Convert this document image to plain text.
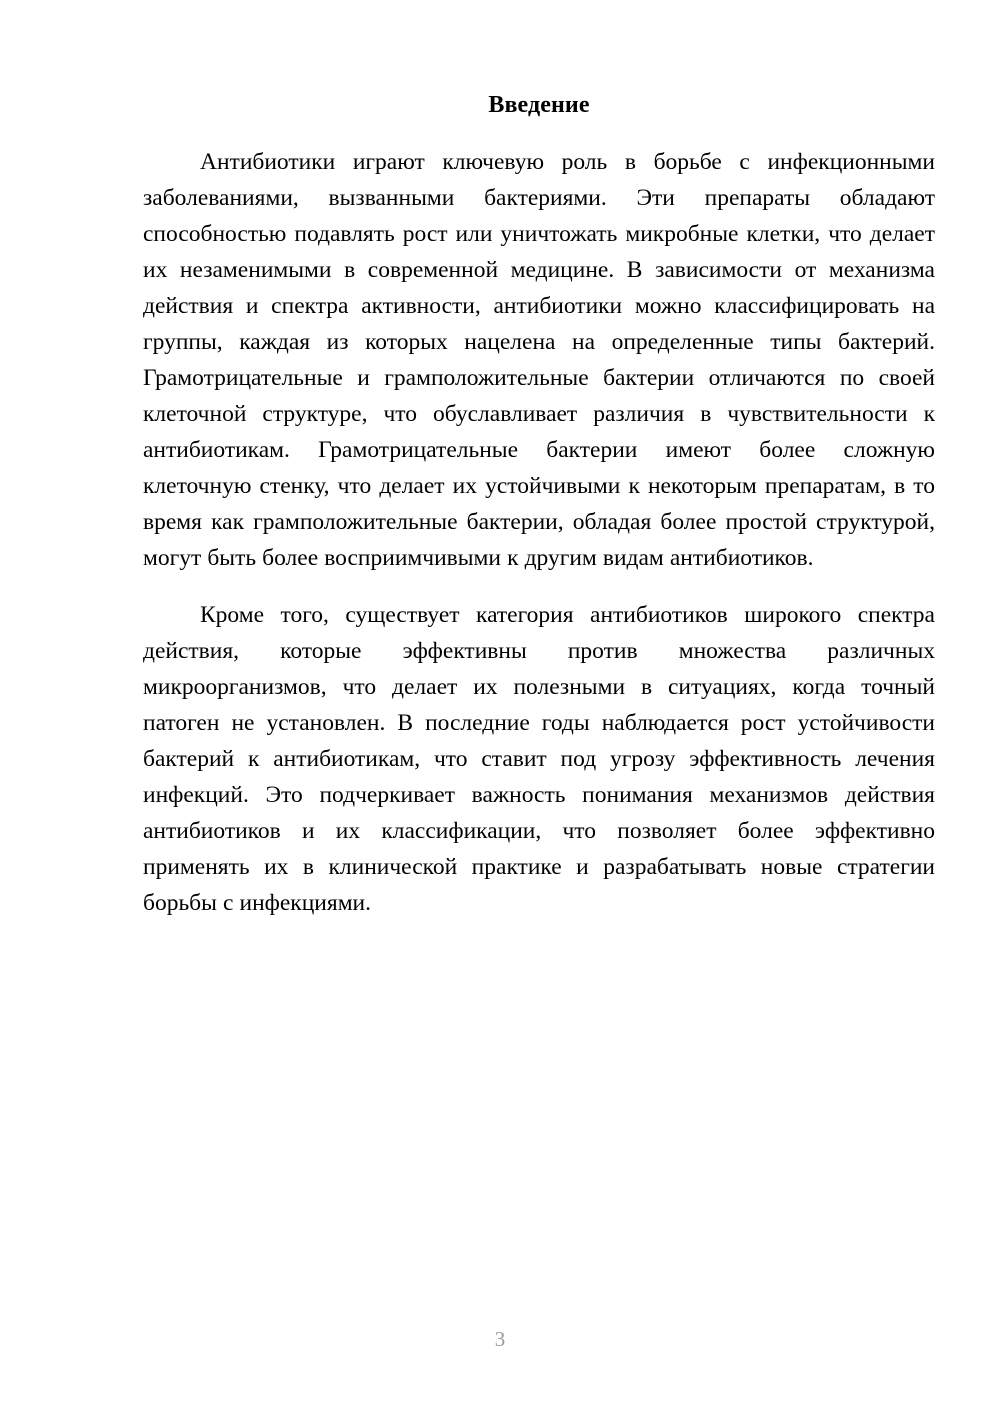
Введение

Антибиотики играют ключевую роль в борьбе с инфекционными заболеваниями, вызванными бактериями. Эти препараты обладают способностью подавлять рост или уничтожать микробные клетки, что делает их незаменимыми в современной медицине. В зависимости от механизма действия и спектра активности, антибиотики можно классифицировать на группы, каждая из которых нацелена на определенные типы бактерий. Грамотрицательные и грамположительные бактерии отличаются по своей клеточной структуре, что обуславливает различия в чувствительности к антибиотикам. Грамотрицательные бактерии имеют более сложную клеточную стенку, что делает их устойчивыми к некоторым препаратам, в то время как грамположительные бактерии, обладая более простой структурой, могут быть более восприимчивыми к другим видам антибиотиков.

Кроме того, существует категория антибиотиков широкого спектра действия, которые эффективны против множества различных микроорганизмов, что делает их полезными в ситуациях, когда точный патоген не установлен. В последние годы наблюдается рост устойчивости бактерий к антибиотикам, что ставит под угрозу эффективность лечения инфекций. Это подчеркивает важность понимания механизмов действия антибиотиков и их классификации, что позволяет более эффективно применять их в клинической практике и разрабатывать новые стратегии борьбы с инфекциями.

3
